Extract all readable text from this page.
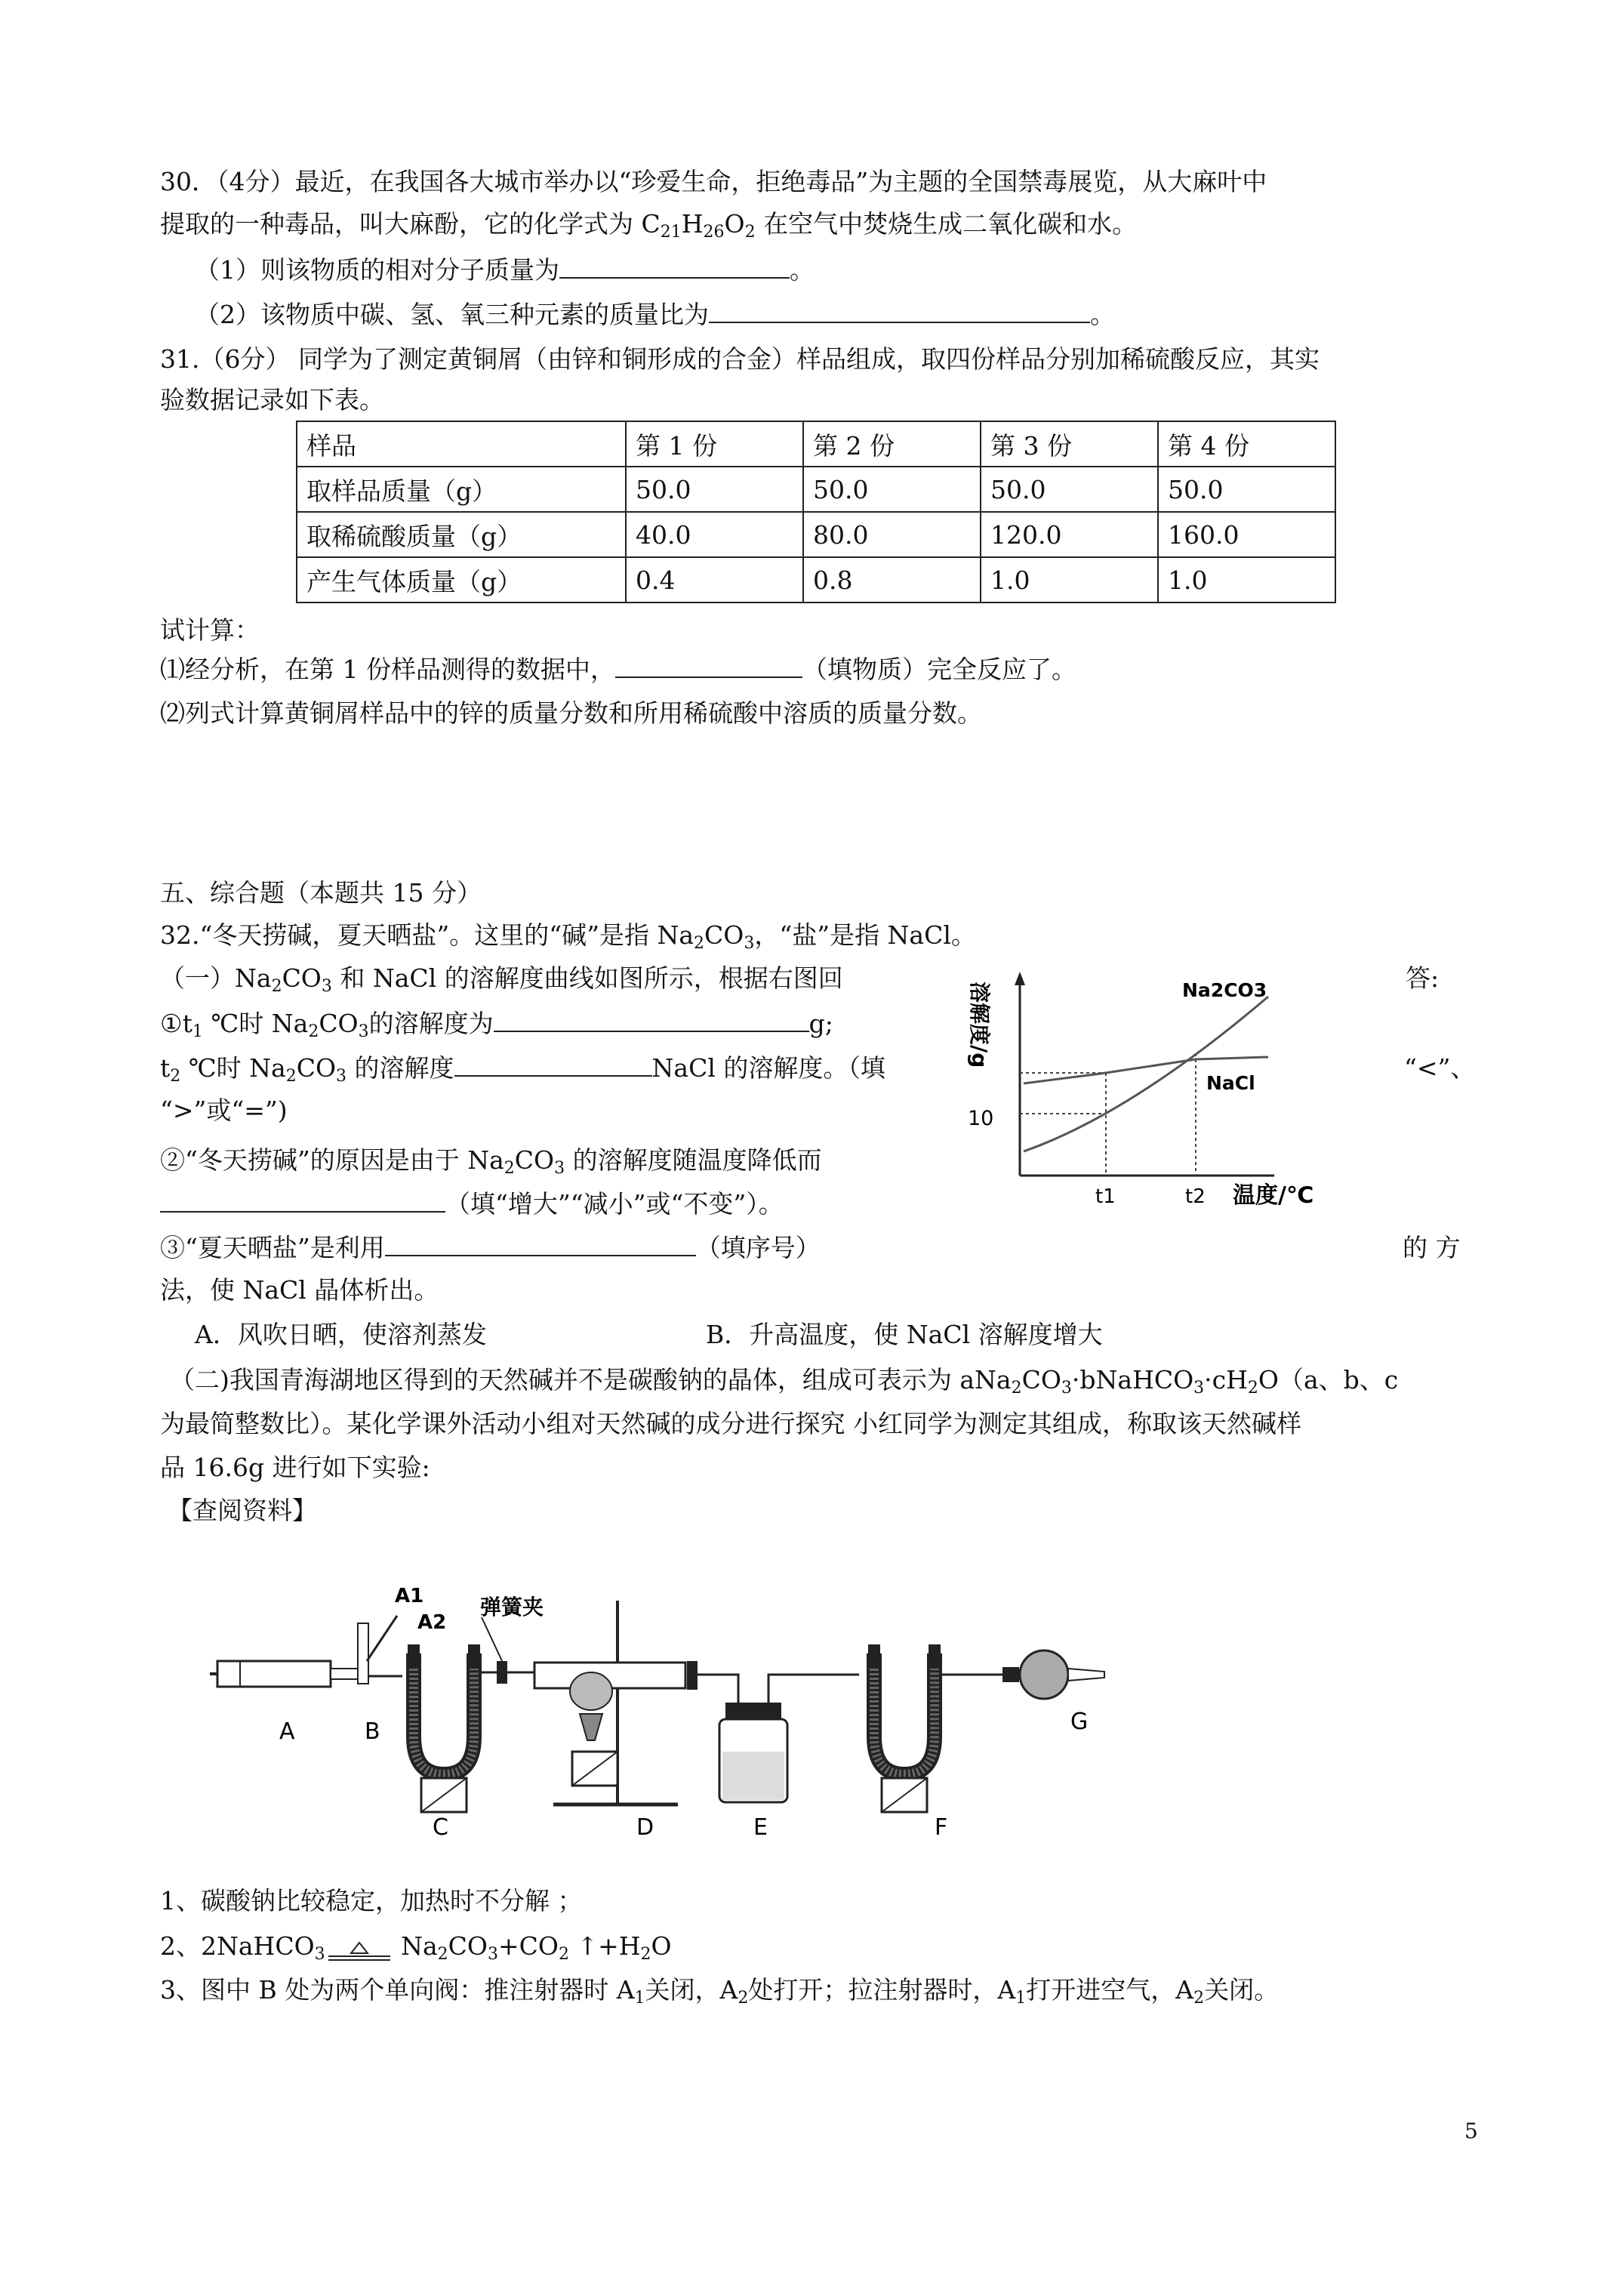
30．（4分）最近，在我国各大城市举办以“珍爱生命，拒绝毒品”为主题的全国禁毒展览，从大麻叶中
提取的一种毒品，叫大麻酚，它的化学式为 $C_{21}H_{26}O_2$ 在空气中焚烧生成二氧化碳和水。
（1）则该物质的相对分子质量为	。
（2）该物质中碳、氢、氧三种元素的质量比为	。
31.（6分） 同学为了测定黄铜屑（由锌和铜形成的合金）样品组成，取四份样品分别加稀硫酸反应，其实
验数据记录如下表。
样品	第 1 份	第 2 份	第 3 份	第 4 份
取样品质量（g）	50.0	50.0	50.0	50.0
取稀硫酸质量（g）	40.0	80.0	120.0	160.0
产生气体质量（g）	0.4	0.8	1.0	1.0
试计算：
⑴经分析，在第 1 份样品测得的数据中，	（填物质）完全反应了。
⑵列式计算黄铜屑样品中的锌的质量分数和所用稀硫酸中溶质的质量分数。
五、综合题（本题共 15 分）
32.“冬天捞碱，夏天晒盐”。这里的“碱”是指 $Na_2CO_3$，“盐”是指 NaCl。
（一）$Na_2CO_3$ 和 NaCl 的溶解度曲线如图所示，根据右图回	答:
$①t_1$ ℃时 $Na_2CO_3$的溶解度为	g;
$t_2$ ℃时 $Na_2CO_3$ 的溶解度	NaCl 的溶解度。（填	“<”、
“>”或“=”)
②“冬天捞碱”的原因是由于 $Na_2CO_3$ 的溶解度随温度降低而
（填“增大”“减小”或“不变”）。
③“夏天晒盐”是利用	（填序号）	的 方
法，使 NaCl 晶体析出。
A．风吹日晒，使溶剂蒸发	B．升高温度，使 NaCl 溶解度增大
（二)我国青海湖地区得到的天然碱并不是碳酸钠的晶体，组成可表示为 $aNa_2CO_3\cdot bNaHCO_3\cdot cH_2O(a$、b、c
为最简整数比）。某化学课外活动小组对天然碱的成分进行探究 小红同学为测定其组成，称取该天然碱样
品 16.6g 进行如下实验:
【查阅资料】
溶解度/g
10
t1	t2 温度/℃
Na2CO3
NaCl
A	B
C	D	E	F
G
A1
A2
弹簧夹
1、碳酸钠比较稳定，加热时不分解 ；
2、2NaHCO$_3$	$Na_2CO_3+CO_2$ $↑+H_2O$
3、图中 B 处为两个单向阀：推注射器时 $A_1$关闭，$A_2$处打开；拉注射器时，$A_1$打开进空气，$A_2$关闭。
5
